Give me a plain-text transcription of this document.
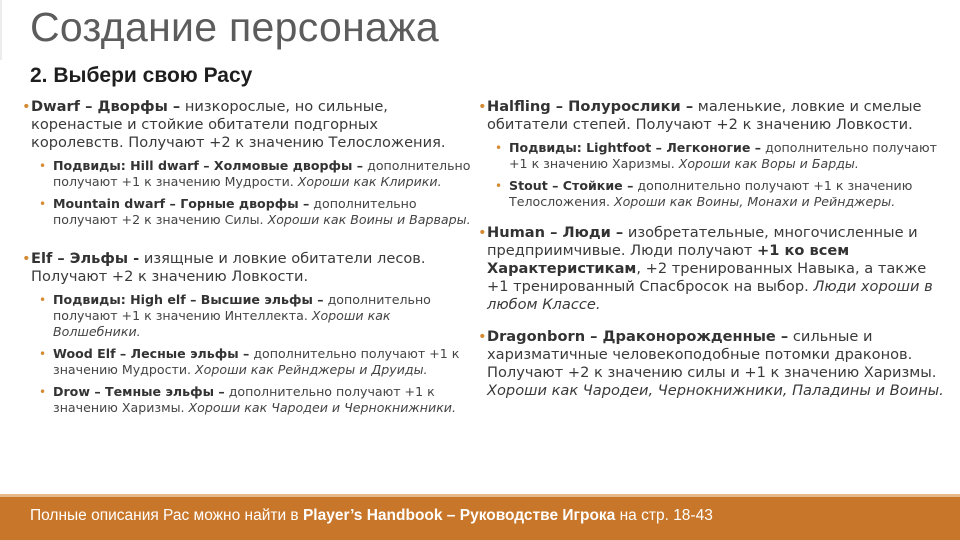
Создание персонажа
2. Выбери свою Расу
• Dwarf – Дворфы – низкорослые, но сильные, коренастые и стойкие обитатели подгорных королевств. Получают +2 к значению Телосложения.
• Подвиды: Hill dwarf – Холмовые дворфы – дополнительно получают +1 к значению Мудрости. Хороши как Клирики.
• Mountain dwarf – Горные дворфы – дополнительно получают +2 к значению Силы. Хороши как Воины и Варвары.
• Elf – Эльфы - изящные и ловкие обитатели лесов. Получают +2 к значению Ловкости.
• Подвиды: High elf – Высшие эльфы – дополнительно получают +1 к значению Интеллекта. Хороши как Волшебники.
• Wood Elf – Лесные эльфы – дополнительно получают +1 к значению Мудрости. Хороши как Рейнджеры и Друиды.
• Drow – Темные эльфы – дополнительно получают +1 к значению Харизмы. Хороши как Чародеи и Чернокнижники.
• Halfling – Полурослики – маленькие, ловкие и смелые обитатели степей. Получают +2 к значению Ловкости.
• Подвиды: Lightfoot – Легконогие – дополнительно получают +1 к значению Харизмы. Хороши как Воры и Барды.
• Stout – Стойкие – дополнительно получают +1 к значению Телосложения. Хороши как Воины, Монахи и Рейнджеры.
• Human – Люди – изобретательные, многочисленные и предприимчивые. Люди получают +1 ко всем Характеристикам, +2 тренированных Навыка, а также +1 тренированный Спасбросок на выбор. Люди хороши в любом Классе.
• Dragonborn – Драконорожденные – сильные и харизматичные человекоподобные потомки драконов. Получают +2 к значению силы и +1 к значению Харизмы. Хороши как Чародеи, Чернокнижники, Паладины и Воины.
Полные описания Рас можно найти в Player’s Handbook – Руководстве Игрока на стр. 18-43
